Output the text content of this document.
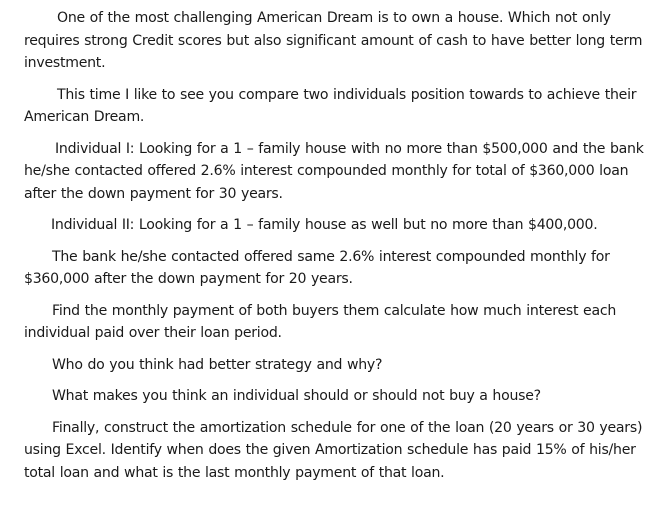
One of the most challenging American Dream is to own a house. Which not only requires strong Credit scores but also significant amount of cash to have better long term investment.

This time I like to see you compare two individuals position towards to achieve their American Dream.

Individual I: Looking for a 1 – family house with no more than $500,000 and the bank he/she contacted offered 2.6% interest compounded monthly for total of $360,000 loan after the down payment for 30 years.

Individual II: Looking for a 1 – family house as well but no more than $400,000.

The bank he/she contacted offered same 2.6% interest compounded monthly for $360,000 after the down payment for 20 years.

Find the monthly payment of both buyers them calculate how much interest each individual paid over their loan period.

Who do you think had better strategy and why?

What makes you think an individual should or should not buy a house?

Finally, construct the amortization schedule for one of the loan (20 years or 30 years) using Excel. Identify when does the given Amortization schedule has paid 15% of his/her total loan and what is the last monthly payment of that loan.
